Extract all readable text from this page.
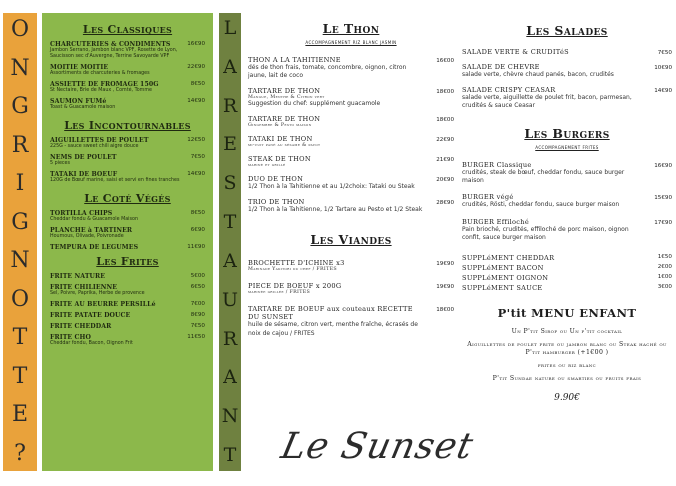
O
N
G
R
I
G
N
O
T
T
E
?
Les Classiques
CHARCUTERIES & CONDIMENTS
Jambon Serrano, Jambon blanc VPF, Rosette de Lyon, Saucisson sec d'Auvergne, Terrine Savoyarde VPF
16€90
MOITIE MOITIE
Assortiments de charcuteries & fromages
22€90
ASSIETTE DE FROMAGE 150G
St Nectaire, Brie de Maux , Comté, Tomme
8€50
SAUMON FUMé
Toast & Guacamole maison
14€90
Les Incontournables
AIGUILLETTES DE POULET
225G - sauce sweet chili aigre douce
12€50
NEMS DE POULET
5 pieces
7€50
TATAKI DE BOEUF
120G de Bœuf mariné, saisi et servi en fines tranches
14€90
Le Coté Végés
TORTILLA CHIPS
Cheddar fondu & Guacamole Maison
8€50
PLANCHE à TARTINER
Houmous, Olivade, Poivronade
6€90
TEMPURA DE LEGUMES	11€90
Les Frites
FRITE NATURE	5€00
FRITE CHILIENNE
Sel, Poivre, Paprika, Herbe de provence
6€50
FRITE AU BEURRE PERSILLé	7€00
FRITE PATATE DOUCE	8€90
FRITE CHEDDAR	7€50
FRITE CHO
Cheddar fondu, Bacon, Oignon Frit
11€50
L
A
R
E
S
T
A
U
R
A
N
T
Le Thon
accompagnement riz blanc jasmin
THON A LA TAHITIENNE
dés de thon frais, tomate, concombre, oignon, citron jaune, lait de coco
16€00
TARTARE DE THON
Mangue, Menthe & Citron vert
Suggestion du chef: supplément guacamole
18€00
TARTARE DE THON
Gingembre & Pesto maison
18€00
TATAKI DE THON
mi-cuit pané au sésame & pavot
22€90
STEAK DE THON
mariné et grillé
21€90
DUO DE THON
1/2 Thon à la Tahitienne et au 1/2choix: Tataki ou Steak
20€90
TRIO DE THON
1/2 Thon à la Tahitienne, 1/2 Tartare au Pesto et 1/2 Steak
28€90
Les Viandes
BROCHETTE D'ICHINE x3
Marinade Yakitori du chef / FRITES
19€90
PIECE DE BOEUF x 200G
marinée grillée / FRITES
19€90
TARTARE DE BOEUF aux couteaux RECETTE DU SUNSET
huile de sésame, citron vert, menthe fraîche, écrasés de noix de cajou / FRITES
18€00
Le Sunset
Les Salades
SALADE VERTE & CRUDITéS	7€50
SALADE DE CHEVRE
salade verte, chèvre chaud panés, bacon, crudités
10€90
SALADE CRISPY CEASAR
salade verte, aiguillette de poulet frit, bacon, parmesan, crudités & sauce Ceasar
14€90
Les Burgers
accompagnement frites
BURGER Classique
crudités, steak de bœuf, cheddar fondu, sauce burger maison
16€90
BURGER végé
crudités, Rösti, cheddar fondu, sauce burger maison
15€90
BURGER Effiloché
Pain brioché, crudités, effiloché de porc maison, oignon confit, sauce burger maison
17€90
SUPPLéMENT CHEDDAR	1€50
SUPPLéMENT BACON	2€00
SUPPLéMENT OIGNON	1€00
SUPPLéMENT SAUCE	3€00
P'tit MENU ENFANT
Un P'tit Sirop ou Un p'tit cocktail
Aiguillettes de poulet frite ou jambon blanc ou Steak haché ou P'tit hamburger (+1€00 )
frites ou riz blanc
P'tit Sundae nature ou smarties ou fruits frais
9.90€
